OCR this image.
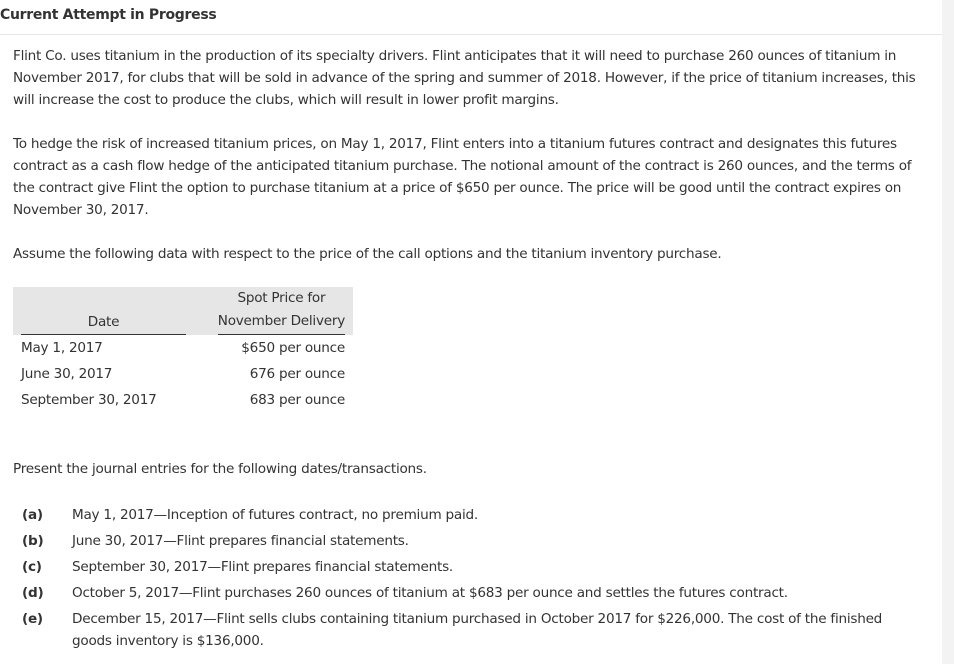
Current Attempt in Progress

Flint Co. uses titanium in the production of its specialty drivers. Flint anticipates that it will need to purchase 260 ounces of titanium in November 2017, for clubs that will be sold in advance of the spring and summer of 2018. However, if the price of titanium increases, this will increase the cost to produce the clubs, which will result in lower profit margins.

To hedge the risk of increased titanium prices, on May 1, 2017, Flint enters into a titanium futures contract and designates this futures contract as a cash flow hedge of the anticipated titanium purchase. The notional amount of the contract is 260 ounces, and the terms of the contract give Flint the option to purchase titanium at a price of $650 per ounce. The price will be good until the contract expires on November 30, 2017.

Assume the following data with respect to the price of the call options and the titanium inventory purchase.

Date	Spot Price for
November Delivery

May 1, 2017	$650 per ounce
June 30, 2017	676 per ounce
September 30, 2017	683 per ounce

Present the journal entries for the following dates/transactions.

(a) May 1, 2017—Inception of futures contract, no premium paid.
(b) June 30, 2017—Flint prepares financial statements.
(c) September 30, 2017—Flint prepares financial statements.
(d) October 5, 2017—Flint purchases 260 ounces of titanium at $683 per ounce and settles the futures contract.
(e) December 15, 2017—Flint sells clubs containing titanium purchased in October 2017 for $226,000. The cost of the finished goods inventory is $136,000.
